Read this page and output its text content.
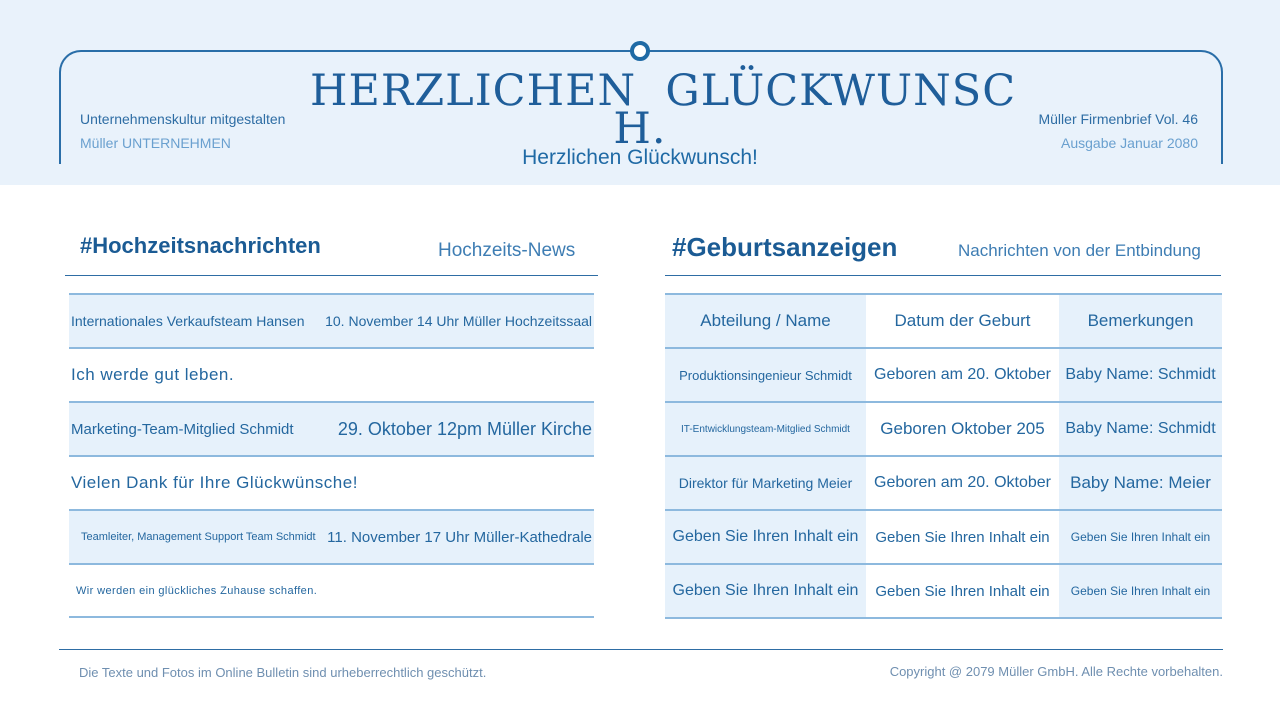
Unternehmenskultur mitgestalten
Müller UNTERNEHMEN
Müller Firmenbrief Vol. 46
Ausgabe Januar 2080
HERZLICHEN  GLÜCKWUNSC
H.
Herzlichen Glückwunsch!
#Hochzeitsnachrichten	Hochzeits-News
Internationales Verkaufsteam Hansen 10. November 14 Uhr Müller Hochzeitssaal
Ich werde gut leben.
Marketing-Team-Mitglied Schmidt 29. Oktober 12pm Müller Kirche
Vielen Dank für Ihre Glückwünsche!
Teamleiter, Management Support Team Schmidt 11. November 17 Uhr Müller-Kathedrale
Wir werden ein glückliches Zuhause schaffen.
#Geburtsanzeigen	Nachrichten von der Entbindung
Abteilung / Name	Datum der Geburt	Bemerkungen
Produktionsingenieur Schmidt	Geboren am 20. Oktober	Baby Name: Schmidt
IT-Entwicklungsteam-Mitglied Schmidt	Geboren Oktober 205	Baby Name: Schmidt
Direktor für Marketing Meier	Geboren am 20. Oktober	Baby Name: Meier
Geben Sie Ihren Inhalt ein	Geben Sie Ihren Inhalt ein	Geben Sie Ihren Inhalt ein
Geben Sie Ihren Inhalt ein	Geben Sie Ihren Inhalt ein	Geben Sie Ihren Inhalt ein
Die Texte und Fotos im Online Bulletin sind urheberrechtlich geschützt.	Copyright @ 2079 Müller GmbH. Alle Rechte vorbehalten.
